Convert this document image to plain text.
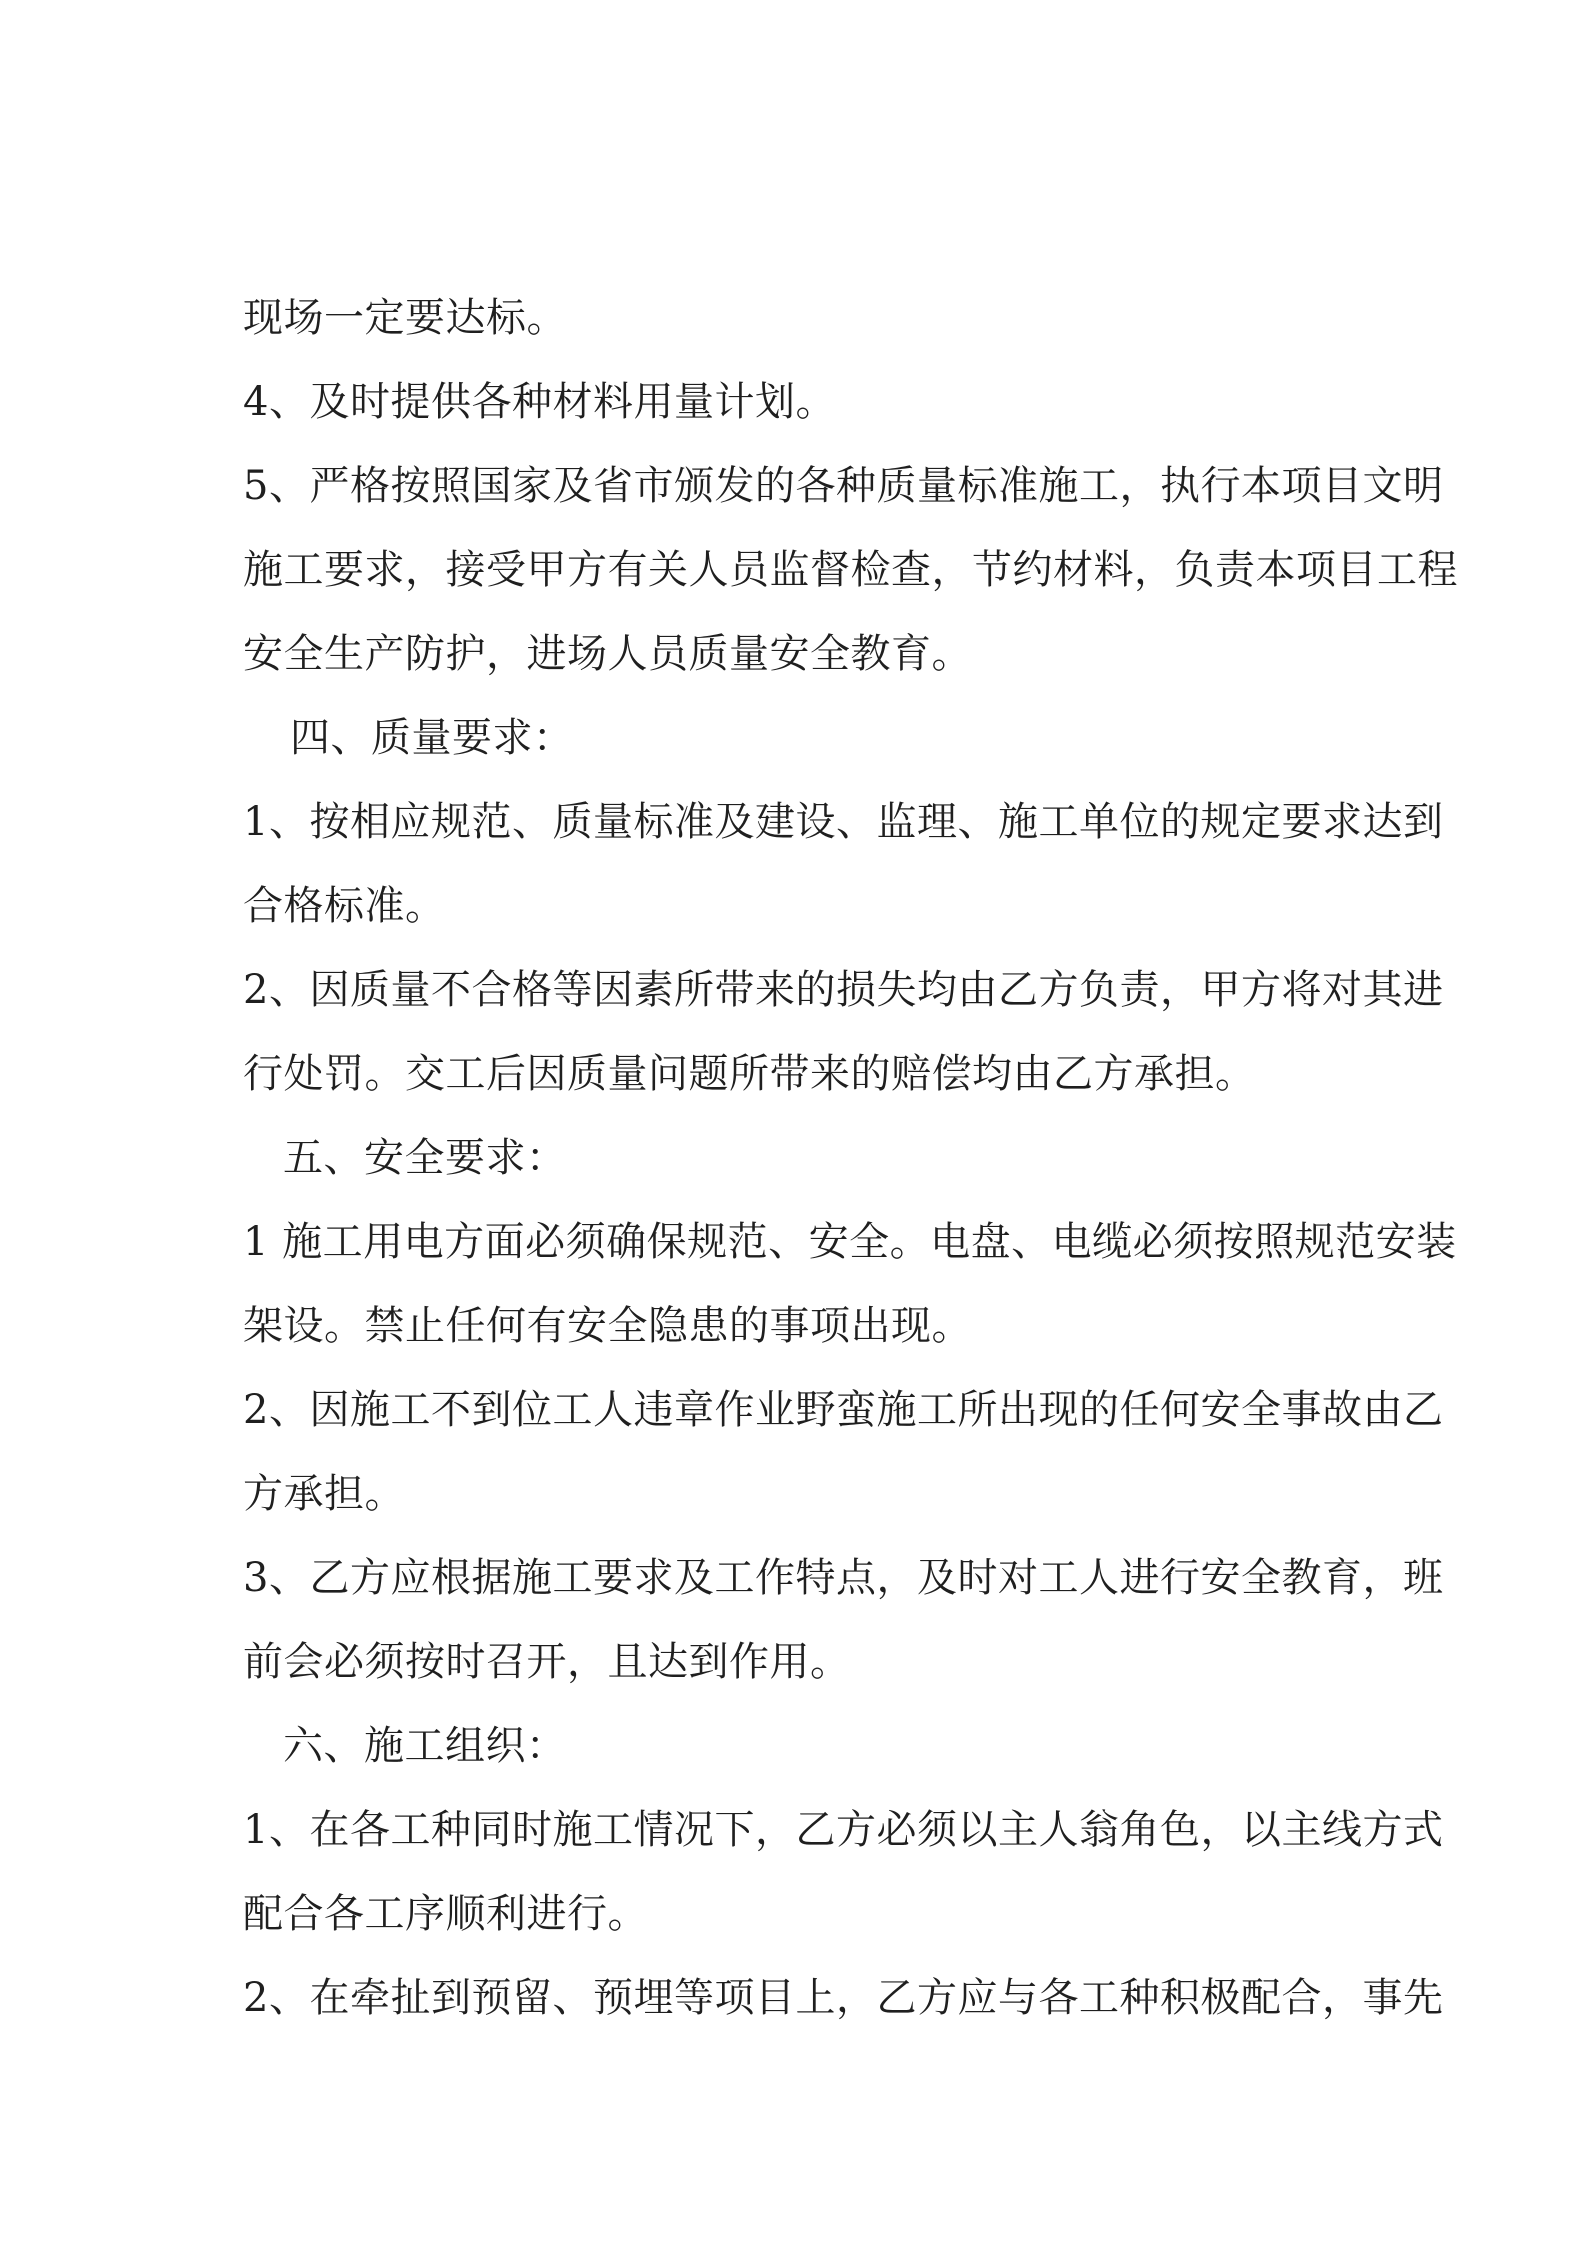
现场一定要达标。
4、及时提供各种材料用量计划。
5、严格按照国家及省市颁发的各种质量标准施工，执行本项目文明
施工要求，接受甲方有关人员监督检查，节约材料，负责本项目工程
安全生产防护，进场人员质量安全教育。
四、质量要求：
1、按相应规范、质量标准及建设、监理、施工单位的规定要求达到
合格标准。
2、因质量不合格等因素所带来的损失均由乙方负责，甲方将对其进
行处罚。交工后因质量问题所带来的赔偿均由乙方承担。
五、安全要求：
1 施工用电方面必须确保规范、安全。电盘、电缆必须按照规范安装
架设。禁止任何有安全隐患的事项出现。
2、因施工不到位工人违章作业野蛮施工所出现的任何安全事故由乙
方承担。
3、乙方应根据施工要求及工作特点，及时对工人进行安全教育，班
前会必须按时召开，且达到作用。
六、施工组织：
1、在各工种同时施工情况下，乙方必须以主人翁角色，以主线方式
配合各工序顺利进行。
2、在牵扯到预留、预埋等项目上，乙方应与各工种积极配合，事先
